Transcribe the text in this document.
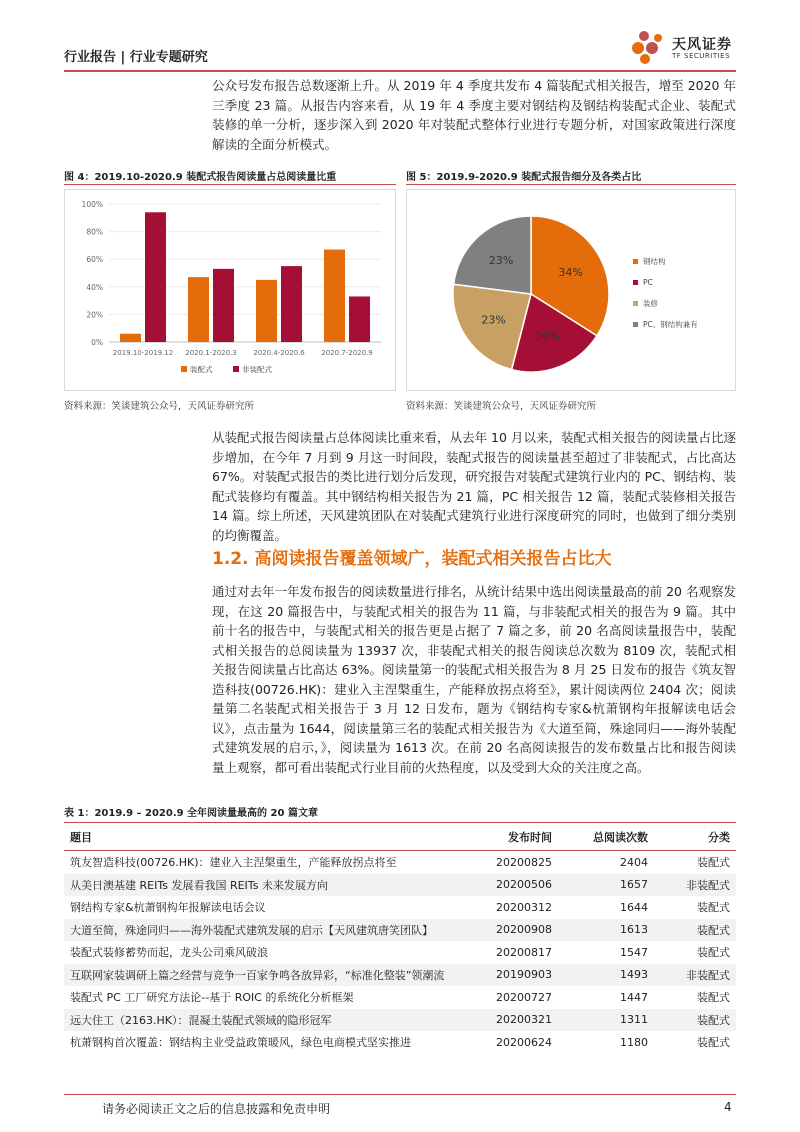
行业报告 | 行业专题研究
天风证券
TF SECURITIES

公众号发布报告总数逐渐上升。从 2019 年 4 季度共发布 4 篇装配式相关报告，增至 2020 年三季度 23 篇。从报告内容来看，从 19 年 4 季度主要对钢结构及钢结构装配式企业、装配式装修的单一分析，逐步深入到 2020 年对装配式整体行业进行专题分析，对国家政策进行深度解读的全面分析模式。

图 4：2019.10-2020.9 装配式报告阅读量占总阅读量比重
0%
20%
40%
60%
80%
100%
2019.10-2019.12 2020.1-2020.3 2020.4-2020.6 2020.7-2020.9
装配式	非装配式
资料来源：笑谈建筑公众号，天风证券研究所
图 5：2019.9-2020.9 装配式报告细分及各类占比
34%
20%
23%
23%	钢结构
PC
装修
PC、钢结构兼有
资料来源：笑谈建筑公众号，天风证券研究所

从装配式报告阅读量占总体阅读比重来看，从去年 10 月以来，装配式相关报告的阅读量占比逐步增加，在今年 7 月到 9 月这一时间段，装配式报告的阅读量甚至超过了非装配式，占比高达 67%。对装配式报告的类比进行划分后发现，研究报告对装配式建筑行业内的 PC、钢结构、装配式装修均有覆盖。其中钢结构相关报告为 21 篇，PC 相关报告 12 篇，装配式装修相关报告 14 篇。综上所述，天风建筑团队在对装配式建筑行业进行深度研究的同时，也做到了细分类别的均衡覆盖。

1.2. 高阅读报告覆盖领域广，装配式相关报告占比大

通过对去年一年发布报告的阅读数量进行排名，从统计结果中选出阅读量最高的前 20 名观察发现，在这 20 篇报告中，与装配式相关的报告为 11 篇，与非装配式相关的报告为 9 篇。其中前十名的报告中，与装配式相关的报告更是占据了 7 篇之多，前 20 名高阅读量报告中，装配式相关报告的总阅读量为 13937 次，非装配式相关的报告阅读总次数为 8109 次，装配式相关报告阅读量占比高达 63%。阅读量第一的装配式相关报告为 8 月 25 日发布的报告《筑友智造科技(00726.HK)：建业入主涅槃重生，产能释放拐点将至》，累计阅读两位 2404 次；阅读量第二名装配式相关报告于 3 月 12 日发布，题为《钢结构专家&杭萧钢构年报解读电话会议》，点击量为 1644，阅读量第三名的装配式相关报告为《大道至简，殊途同归——海外装配式建筑发展的启示，》，阅读量为 1613 次。在前 20 名高阅读报告的发布数量占比和报告阅读量上观察，都可看出装配式行业目前的火热程度，以及受到大众的关注度之高。

表 1：2019.9 – 2020.9 全年阅读量最高的 20 篇文章
题目	发布时间	总阅读次数	分类
筑友智造科技(00726.HK)：建业入主涅槃重生，产能释放拐点将至	20200825	2404	装配式
从美日澳基建 REITs 发展看我国 REITs 未来发展方向	20200506	1657	非装配式
钢结构专家&杭萧钢构年报解读电话会议	20200312	1644	装配式
大道至简，殊途同归——海外装配式建筑发展的启示【天风建筑唐笑团队】	20200908	1613	装配式
装配式装修蓄势而起，龙头公司乘风破浪	20200817	1547	装配式
互联网家装调研上篇之经营与竞争一百家争鸣各放异彩，“标准化整装”领潮流	20190903	1493	非装配式
装配式 PC 工厂研究方法论--基于 ROIC 的系统化分析框架	20200727	1447	装配式
远大住工（2163.HK）：混凝土装配式领域的隐形冠军	20200321	1311	装配式
杭萧钢构首次覆盖：钢结构主业受益政策暖风，绿色电商模式坚实推进	20200624	1180	装配式
请务必阅读正文之后的信息披露和免责申明	4
